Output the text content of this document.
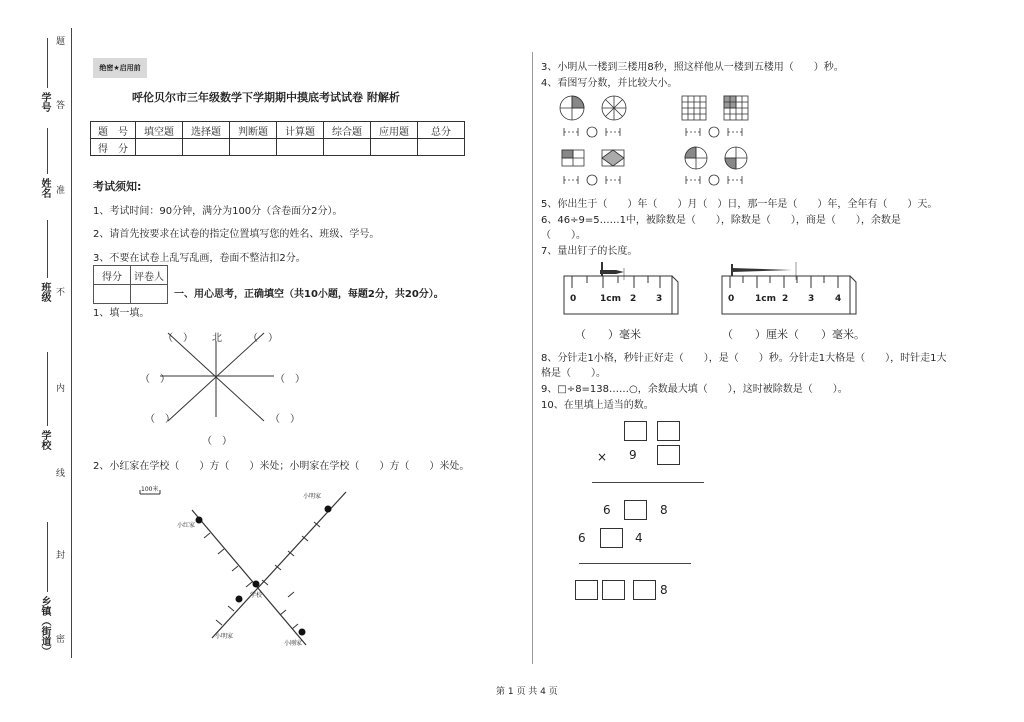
题
答
准
不
内
线
封
密
学号
姓名
班级
学校
乡镇（街道）
绝密★启用前
呼伦贝尔市三年级数学下学期期中摸底考试试卷 附解析
题　号	填空题	选择题	判断题	计算题	综合题	应用题	总分
得　分							
考试须知:
1、考试时间：90分钟，满分为100分（含卷面分2分）。
2、请首先按要求在试卷的指定位置填写您的姓名、班级、学号。
3、不要在试卷上乱写乱画，卷面不整洁扣2分。
得分	评卷人

一、用心思考，正确填空（共10小题，每题2分，共20分）。
1、填一填。
（　） 北	（　）
（　）	（　）
（　）	（　）
（　）
2、小红家在学校（　　）方（　　）米处；小明家在学校（　　）方（　　）米处。
100米
小明家
小红家
学校
小明家
小刚家
3、小明从一楼到三楼用8秒，照这样他从一楼到五楼用（　　）秒。
4、看图写分数，并比较大小。
5、你出生于（　　）年（　　）月（　）日，那一年是（　　）年，全年有（　　）天。
6、46÷9=5……1中，被除数是（　　），除数是（　　），商是（　　），余数是
（　　）。
7、量出钉子的长度。
0	1cm 2 3	0 1cm 2 3 4
（　　）毫米	（　　）厘米（　　）毫米。
8、分针走1小格，秒针正好走（　　），是（　　）秒。分针走1大格是（　　），时针走1大
格是（　　）。
9、□÷8=138……○，余数最大填（　　），这时被除数是（　　）。
10、在里填上适当的数。
× 9
6	8
6	4
8
第 1 页 共 4 页
